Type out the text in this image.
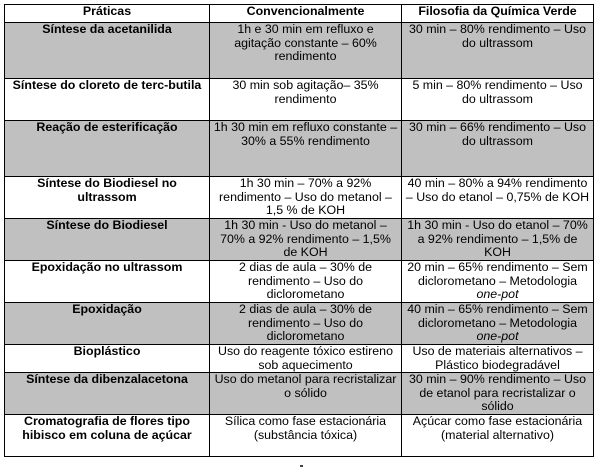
Práticas	Convencionalmente	Filosofia da Química Verde
Síntese da acetanilida	1h e 30 min em refluxo e agitação constante – 60% rendimento	30 min – 80% rendimento – Uso do ultrassom
Síntese do cloreto de terc-butila	30 min sob agitação– 35% rendimento	5 min – 80% rendimento – Uso do ultrassom
Reação de esterificação	1h 30 min em refluxo constante – 30% a 55% rendimento	30 min – 66% rendimento – Uso do ultrassom
Síntese do Biodiesel no ultrassom	1h 30 min – 70% a 92% rendimento – Uso do metanol – 1,5 % de KOH	40 min – 80% a 94% rendimento – Uso do etanol – 0,75% de KOH
Síntese do Biodiesel	1h 30 min - Uso do metanol – 70% a 92% rendimento – 1,5% de KOH	1h 30 min - Uso do etanol – 70% a 92% rendimento – 1,5% de KOH
Epoxidação no ultrassom	2 dias de aula – 30% de rendimento – Uso do diclorometano	20 min – 65% rendimento – Sem diclorometano – Metodologia one-pot
Epoxidação	2 dias de aula – 30% de rendimento – Uso do diclorometano	40 min – 65% rendimento – Sem diclorometano – Metodologia one-pot
Bioplástico	Uso do reagente tóxico estireno sob aquecimento	Uso de materiais alternativos – Plástico biodegradável
Síntese da dibenzalacetona	Uso do metanol para recristalizar o sólido	30 min – 90% rendimento – Uso de etanol para recristalizar o sólido
Cromatografia de flores tipo hibisco em coluna de açúcar	Sílica como fase estacionária (substância tóxica)	Açúcar como fase estacionária (material alternativo)
